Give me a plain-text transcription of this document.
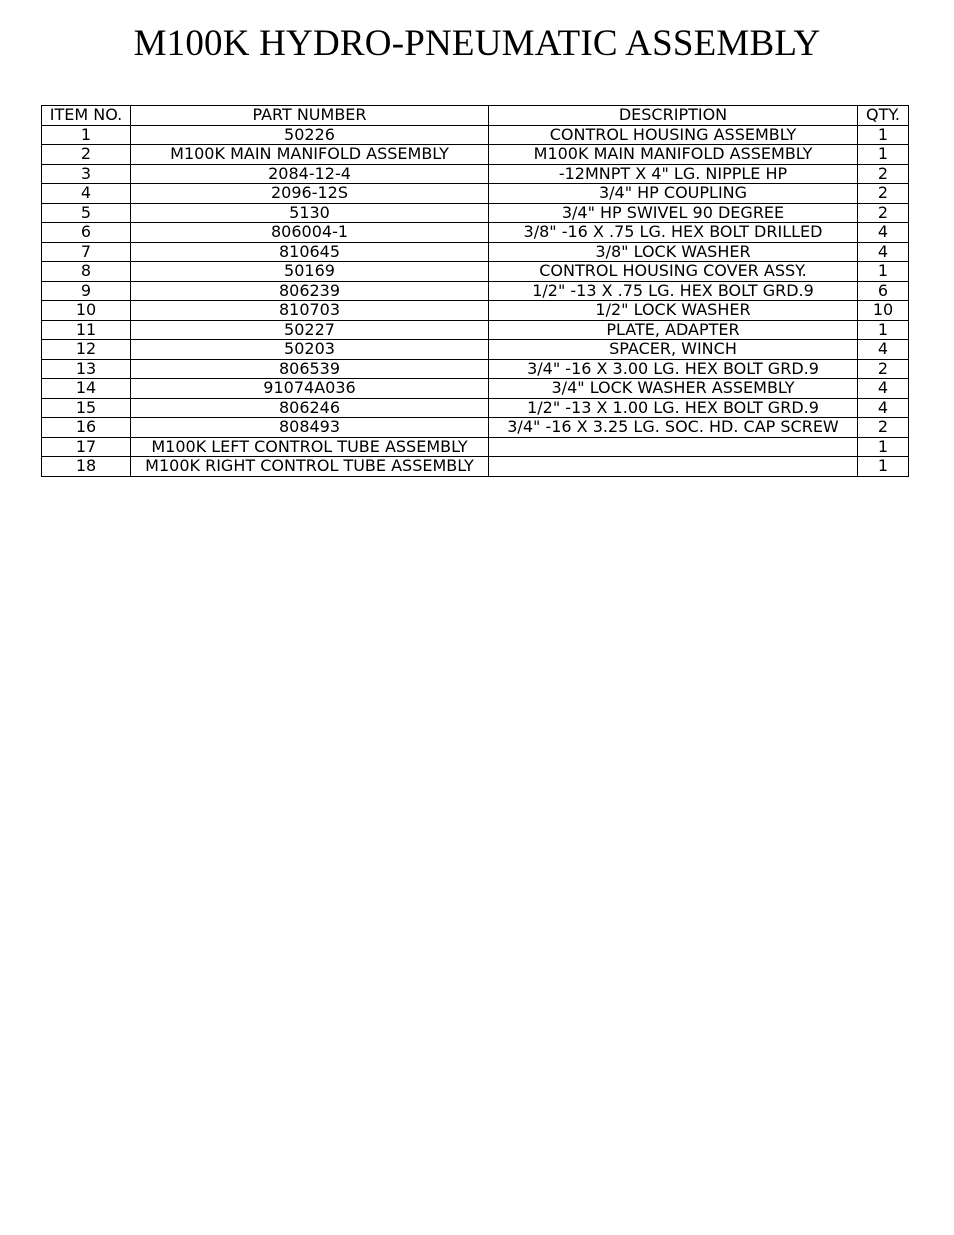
M100K HYDRO-PNEUMATIC ASSEMBLY
ITEM NO.	PART NUMBER	DESCRIPTION	QTY.
1	50226	CONTROL HOUSING ASSEMBLY	1
2	M100K MAIN MANIFOLD ASSEMBLY	M100K MAIN MANIFOLD ASSEMBLY	1
3	2084-12-4	-12MNPT X 4" LG. NIPPLE HP	2
4	2096-12S	3/4" HP COUPLING	2
5	5130	3/4" HP SWIVEL 90 DEGREE	2
6	806004-1	3/8" -16 X .75 LG. HEX BOLT DRILLED	4
7	810645	3/8" LOCK WASHER	4
8	50169	CONTROL HOUSING COVER ASSY.	1
9	806239	1/2" -13 X .75 LG. HEX BOLT GRD.9	6
10	810703	1/2" LOCK WASHER	10
11	50227	PLATE, ADAPTER	1
12	50203	SPACER, WINCH	4
13	806539	3/4" -16 X 3.00 LG. HEX BOLT GRD.9	2
14	91074A036	3/4" LOCK WASHER ASSEMBLY	4
15	806246	1/2" -13 X 1.00 LG. HEX BOLT GRD.9	4
16	808493	3/4" -16 X 3.25 LG. SOC. HD. CAP SCREW	2
17	M100K LEFT CONTROL TUBE ASSEMBLY		1
18	M100K RIGHT CONTROL TUBE ASSEMBLY		1
